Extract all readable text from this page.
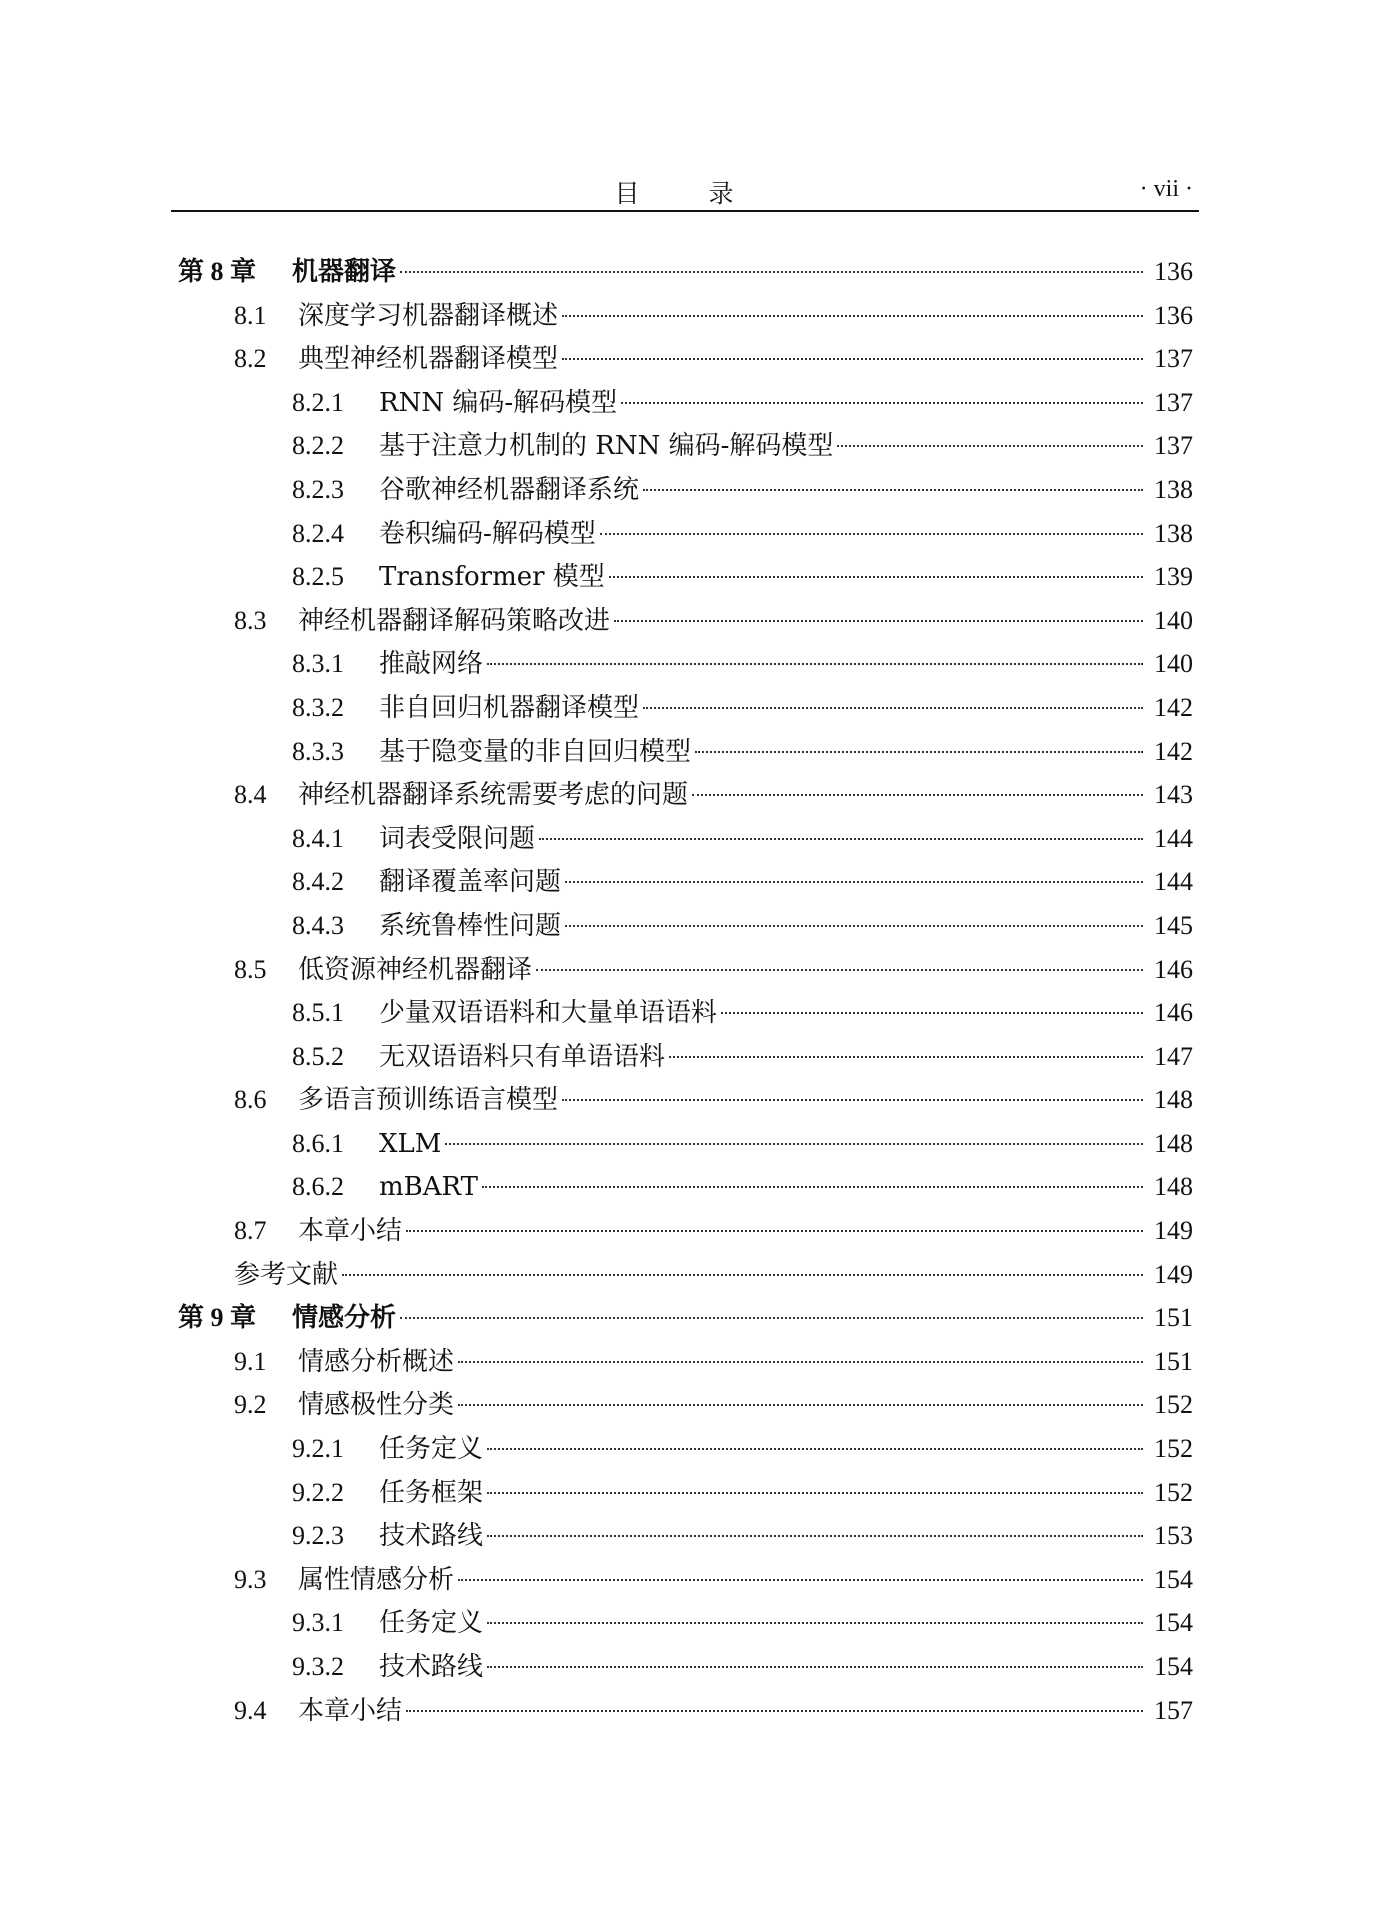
目　录	· vii ·
第 8 章	机器翻译	136
8.1	深度学习机器翻译概述	136
8.2	典型神经机器翻译模型	137
8.2.1	RNN 编码-解码模型	137
8.2.2	基于注意力机制的 RNN 编码-解码模型	137
8.2.3	谷歌神经机器翻译系统	138
8.2.4	卷积编码-解码模型	138
8.2.5	Transformer 模型	139
8.3	神经机器翻译解码策略改进	140
8.3.1	推敲网络	140
8.3.2	非自回归机器翻译模型	142
8.3.3	基于隐变量的非自回归模型	142
8.4	神经机器翻译系统需要考虑的问题	143
8.4.1	词表受限问题	144
8.4.2	翻译覆盖率问题	144
8.4.3	系统鲁棒性问题	145
8.5	低资源神经机器翻译	146
8.5.1	少量双语语料和大量单语语料	146
8.5.2	无双语语料只有单语语料	147
8.6	多语言预训练语言模型	148
8.6.1	XLM	148
8.6.2	mBART	148
8.7	本章小结	149
参考文献	149
第 9 章	情感分析	151
9.1	情感分析概述	151
9.2	情感极性分类	152
9.2.1	任务定义	152
9.2.2	任务框架	152
9.2.3	技术路线	153
9.3	属性情感分析	154
9.3.1	任务定义	154
9.3.2	技术路线	154
9.4	本章小结	157
